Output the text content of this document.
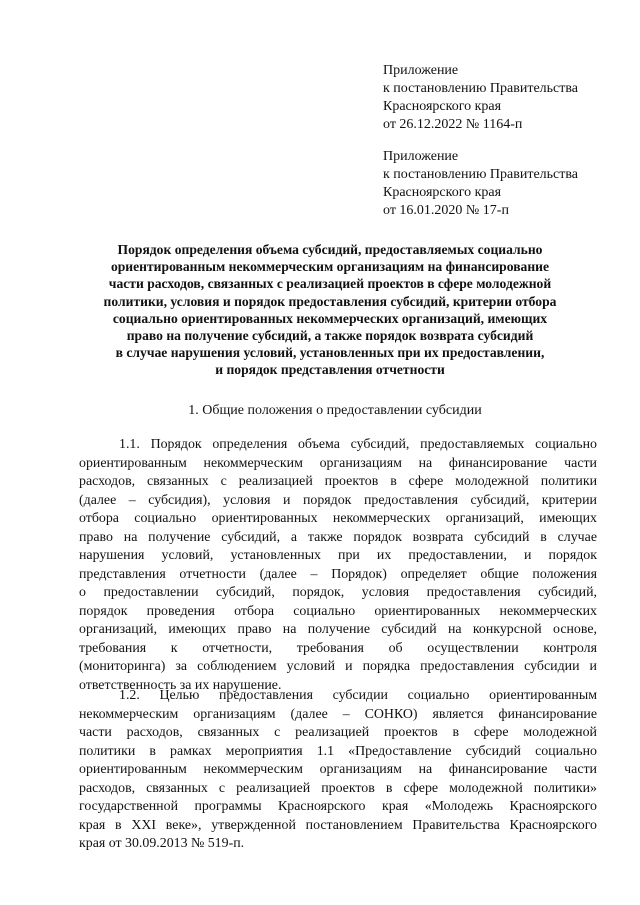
Приложение
к постановлению Правительства
Красноярского края
от 26.12.2022 № 1164-п
Приложение
к постановлению Правительства
Красноярского края
от 16.01.2020 № 17-п
Порядок определения объема субсидий, предоставляемых социально
ориентированным некоммерческим организациям на финансирование
части расходов, связанных с реализацией проектов в сфере молодежной
политики, условия и порядок предоставления субсидий, критерии отбора
социально ориентированных некоммерческих организаций, имеющих
право на получение субсидий, а также порядок возврата субсидий
в случае нарушения условий, установленных при их предоставлении,
и порядок представления отчетности
1. Общие положения о предоставлении субсидии
1.1. Порядок определения объема субсидий, предоставляемых социально
ориентированным некоммерческим организациям на финансирование части
расходов, связанных с реализацией проектов в сфере молодежной политики
(далее – субсидия), условия и порядок предоставления субсидий, критерии
отбора социально ориентированных некоммерческих организаций, имеющих
право на получение субсидий, а также порядок возврата субсидий в случае
нарушения условий, установленных при их предоставлении, и порядок
представления отчетности (далее – Порядок) определяет общие положения
о предоставлении субсидий, порядок, условия предоставления субсидий,
порядок проведения отбора социально ориентированных некоммерческих
организаций, имеющих право на получение субсидий на конкурсной основе,
требования к отчетности, требования об осуществлении контроля
(мониторинга) за соблюдением условий и порядка предоставления субсидии и
ответственность за их нарушение.
1.2. Целью предоставления субсидии социально ориентированным
некоммерческим организациям (далее – СОНКО) является финансирование
части расходов, связанных с реализацией проектов в сфере молодежной
политики в рамках мероприятия 1.1 «Предоставление субсидий социально
ориентированным некоммерческим организациям на финансирование части
расходов, связанных с реализацией проектов в сфере молодежной политики»
государственной программы Красноярского края «Молодежь Красноярского
края в XXI веке», утвержденной постановлением Правительства Красноярского
края от 30.09.2013 № 519-п.
